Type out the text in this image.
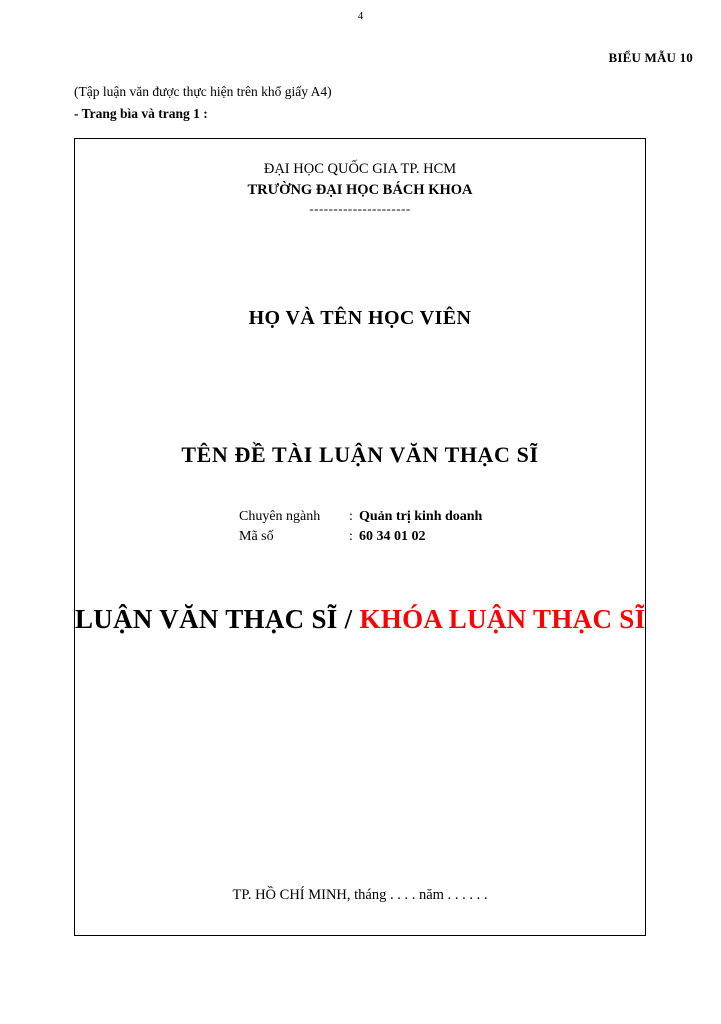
4
BIỂU MẪU 10
(Tập luận văn được thực hiện trên khổ giấy A4)
- Trang bìa và trang 1 :
ĐẠI HỌC QUỐC GIA TP. HCM
TRƯỜNG ĐẠI HỌC BÁCH KHOA
---------------------
HỌ VÀ TÊN HỌC VIÊN
TÊN ĐỀ TÀI LUẬN VĂN THẠC SĨ
Chuyên ngành	: Quản trị kinh doanh
Mã số	: 60 34 01 02
LUẬN VĂN THẠC SĨ / KHÓA LUẬN THẠC SĨ
TP. HỒ CHÍ MINH, tháng . . . . năm . . . . . .
